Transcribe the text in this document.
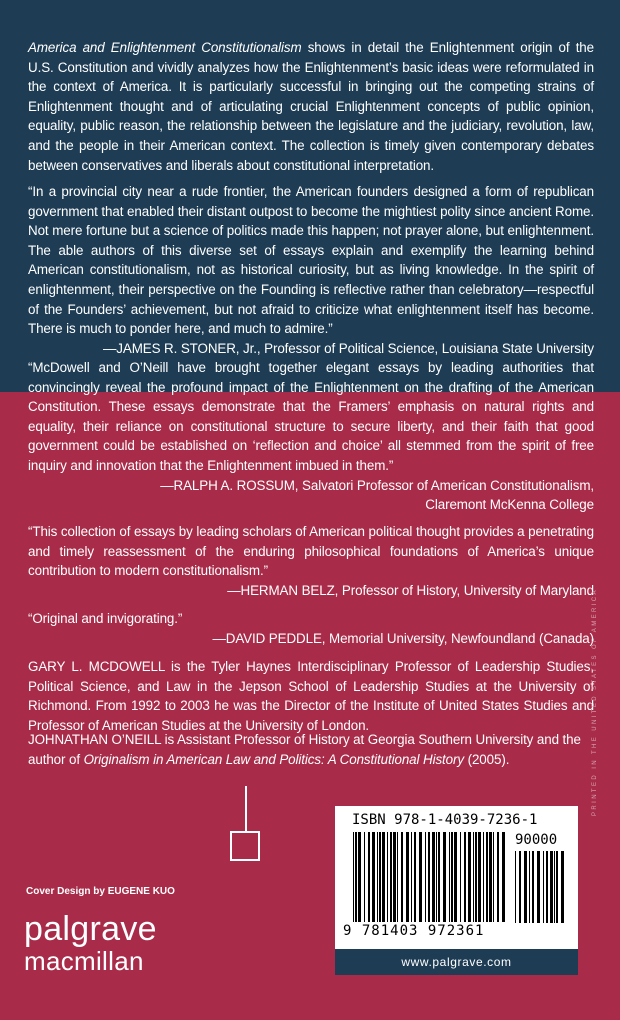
America and Enlightenment Constitutionalism shows in detail the Enlightenment origin of the U.S. Constitution and vividly analyzes how the Enlightenment’s basic ideas were reformulated in the context of America. It is particularly successful in bringing out the competing strains of Enlightenment thought and of articulating crucial Enlightenment concepts of public opinion, equality, public reason, the relationship between the legislature and the judiciary, revolution, law, and the people in their American context. The collection is timely given contemporary debates between conservatives and liberals about constitutional interpretation.

“In a provincial city near a rude frontier, the American founders designed a form of republican government that enabled their distant outpost to become the mightiest polity since ancient Rome. Not mere fortune but a science of politics made this happen; not prayer alone, but enlightenment. The able authors of this diverse set of essays explain and exemplify the learning behind American constitutionalism, not as historical curiosity, but as living knowledge. In the spirit of enlightenment, their perspective on the Founding is reflective rather than celebratory—respectful of the Founders’ achievement, but not afraid to criticize what enlightenment itself has become. There is much to ponder here, and much to admire.”

—JAMES R. STONER, Jr., Professor of Political Science, Louisiana State University

“McDowell and O’Neill have brought together elegant essays by leading authorities that convincingly reveal the profound impact of the Enlightenment on the drafting of the American Constitution. These essays demonstrate that the Framers’ emphasis on natural rights and equality, their reliance on constitutional structure to secure liberty, and their faith that good government could be established on ‘reflection and choice’ all stemmed from the spirit of free inquiry and innovation that the Enlightenment imbued in them.”

—RALPH A. ROSSUM, Salvatori Professor of American Constitutionalism,

Claremont McKenna College

“This collection of essays by leading scholars of American political thought provides a penetrating and timely reassessment of the enduring philosophical foundations of America’s unique contribution to modern constitutionalism.”

—HERMAN BELZ, Professor of History, University of Maryland

“Original and invigorating.”

—DAVID PEDDLE, Memorial University, Newfoundland (Canada)

GARY L. MCDOWELL is the Tyler Haynes Interdisciplinary Professor of Leadership Studies, Political Science, and Law in the Jepson School of Leadership Studies at the University of Richmond. From 1992 to 2003 he was the Director of the Institute of United States Studies and Professor of American Studies at the University of London.

JOHNATHAN O’NEILL is Assistant Professor of History at Georgia Southern University and the author of Originalism in American Law and Politics: A Constitutional History (2005).

Cover Design by EUGENE KUO
palgrave
macmillan
ISBN 978-1-4039-7236-1
90000
9 781403 972361
www.palgrave.com
PRINTED IN THE UNITED STATES OF AMERICA
